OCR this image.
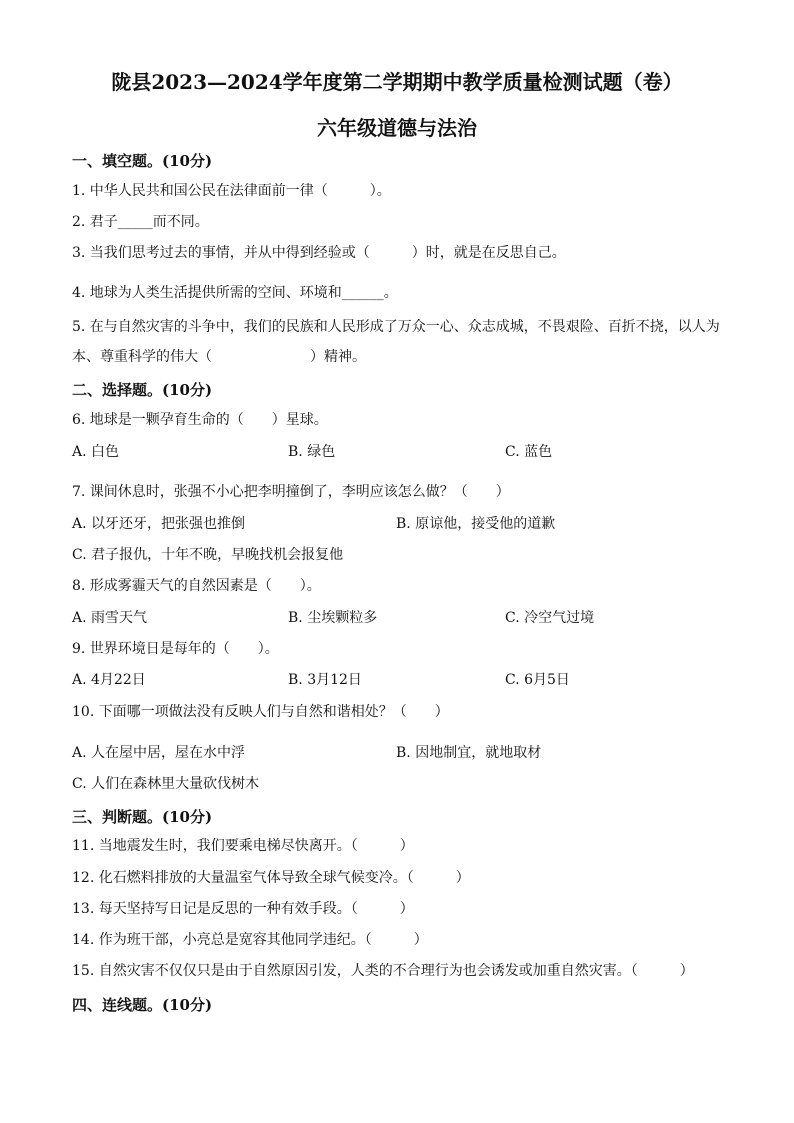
陇县2023—2024学年度第二学期期中教学质量检测试题（卷）
六年级道德与法治
一、填空题。(10分)
1. 中华人民共和国公民在法律面前一律（　　　）。
2. 君子_____而不同。
3. 当我们思考过去的事情，并从中得到经验或（　　　）时，就是在反思自己。
4. 地球为人类生活提供所需的空间、环境和______。
5. 在与自然灾害的斗争中，我们的民族和人民形成了万众一心、众志成城，不畏艰险、百折不挠，以人为
本、尊重科学的伟大（　　　　　　　）精神。
二、选择题。(10分)
6. 地球是一颗孕育生命的（　　）星球。
A. 白色	B. 绿色	C. 蓝色
7. 课间休息时，张强不小心把李明撞倒了，李明应该怎么做？（　　）
A. 以牙还牙，把张强也推倒	B. 原谅他，接受他的道歉
C. 君子报仇，十年不晚，早晚找机会报复他
8. 形成雾霾天气的自然因素是（　　）。
A. 雨雪天气	B. 尘埃颗粒多	C. 冷空气过境
9. 世界环境日是每年的（　　）。
A. 4月22日	B. 3月12日	C. 6月5日
10. 下面哪一项做法没有反映人们与自然和谐相处？（　　）
A. 人在屋中居，屋在水中浮	B. 因地制宜，就地取材
C. 人们在森林里大量砍伐树木
三、判断题。(10分)
11. 当地震发生时，我们要乘电梯尽快离开。（　　　）
12. 化石燃料排放的大量温室气体导致全球气候变冷。（　　　）
13. 每天坚持写日记是反思的一种有效手段。（　　　）
14. 作为班干部，小亮总是宽容其他同学违纪。（　　　）
15. 自然灾害不仅仅只是由于自然原因引发，人类的不合理行为也会诱发或加重自然灾害。（　　　）
四、连线题。(10分)
